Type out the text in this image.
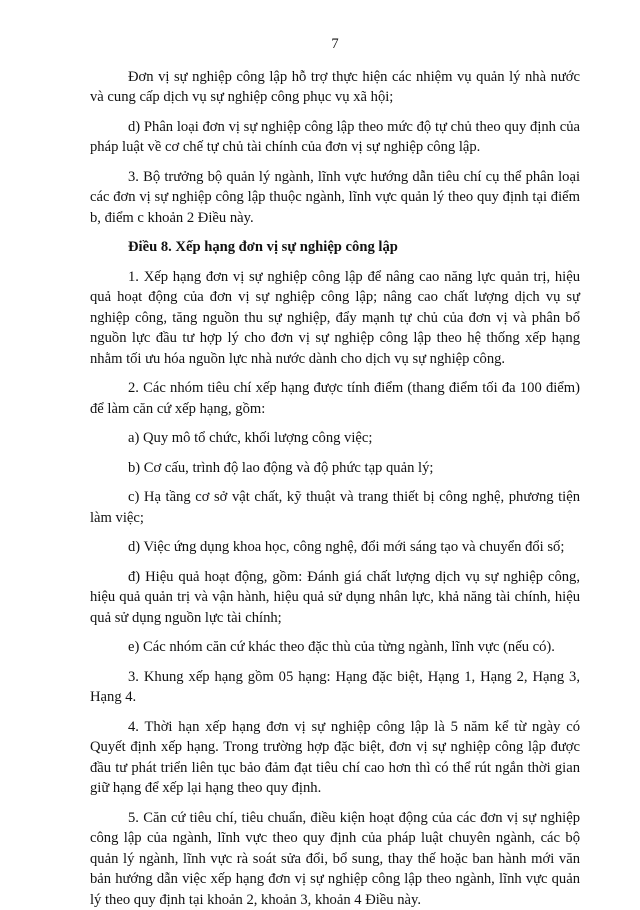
7

Đơn vị sự nghiệp công lập hỗ trợ thực hiện các nhiệm vụ quản lý nhà nước và cung cấp dịch vụ sự nghiệp công phục vụ xã hội;

d) Phân loại đơn vị sự nghiệp công lập theo mức độ tự chủ theo quy định của pháp luật về cơ chế tự chủ tài chính của đơn vị sự nghiệp công lập.

3. Bộ trưởng bộ quản lý ngành, lĩnh vực hướng dẫn tiêu chí cụ thể phân loại các đơn vị sự nghiệp công lập thuộc ngành, lĩnh vực quản lý theo quy định tại điểm b, điểm c khoản 2 Điều này.

Điều 8. Xếp hạng đơn vị sự nghiệp công lập

1. Xếp hạng đơn vị sự nghiệp công lập để nâng cao năng lực quản trị, hiệu quả hoạt động của đơn vị sự nghiệp công lập; nâng cao chất lượng dịch vụ sự nghiệp công, tăng nguồn thu sự nghiệp, đẩy mạnh tự chủ của đơn vị và phân bổ nguồn lực đầu tư hợp lý cho đơn vị sự nghiệp công lập theo hệ thống xếp hạng nhằm tối ưu hóa nguồn lực nhà nước dành cho dịch vụ sự nghiệp công.

2. Các nhóm tiêu chí xếp hạng được tính điểm (thang điểm tối đa 100 điểm) để làm căn cứ xếp hạng, gồm:

a) Quy mô tổ chức, khối lượng công việc;

b) Cơ cấu, trình độ lao động và độ phức tạp quản lý;

c) Hạ tầng cơ sở vật chất, kỹ thuật và trang thiết bị công nghệ, phương tiện làm việc;

d) Việc ứng dụng khoa học, công nghệ, đổi mới sáng tạo và chuyển đổi số;

đ) Hiệu quả hoạt động, gồm: Đánh giá chất lượng dịch vụ sự nghiệp công, hiệu quả quản trị và vận hành, hiệu quả sử dụng nhân lực, khả năng tài chính, hiệu quả sử dụng nguồn lực tài chính;

e) Các nhóm căn cứ khác theo đặc thù của từng ngành, lĩnh vực (nếu có).

3. Khung xếp hạng gồm 05 hạng: Hạng đặc biệt, Hạng 1, Hạng 2, Hạng 3, Hạng 4.

4. Thời hạn xếp hạng đơn vị sự nghiệp công lập là 5 năm kể từ ngày có Quyết định xếp hạng. Trong trường hợp đặc biệt, đơn vị sự nghiệp công lập được đầu tư phát triển liên tục bảo đảm đạt tiêu chí cao hơn thì có thể rút ngắn thời gian giữ hạng để xếp lại hạng theo quy định.

5. Căn cứ tiêu chí, tiêu chuẩn, điều kiện hoạt động của các đơn vị sự nghiệp công lập của ngành, lĩnh vực theo quy định của pháp luật chuyên ngành, các bộ quản lý ngành, lĩnh vực rà soát sửa đổi, bổ sung, thay thế hoặc ban hành mới văn bản hướng dẫn việc xếp hạng đơn vị sự nghiệp công lập theo ngành, lĩnh vực quản lý theo quy định tại khoản 2, khoản 3, khoản 4 Điều này.
